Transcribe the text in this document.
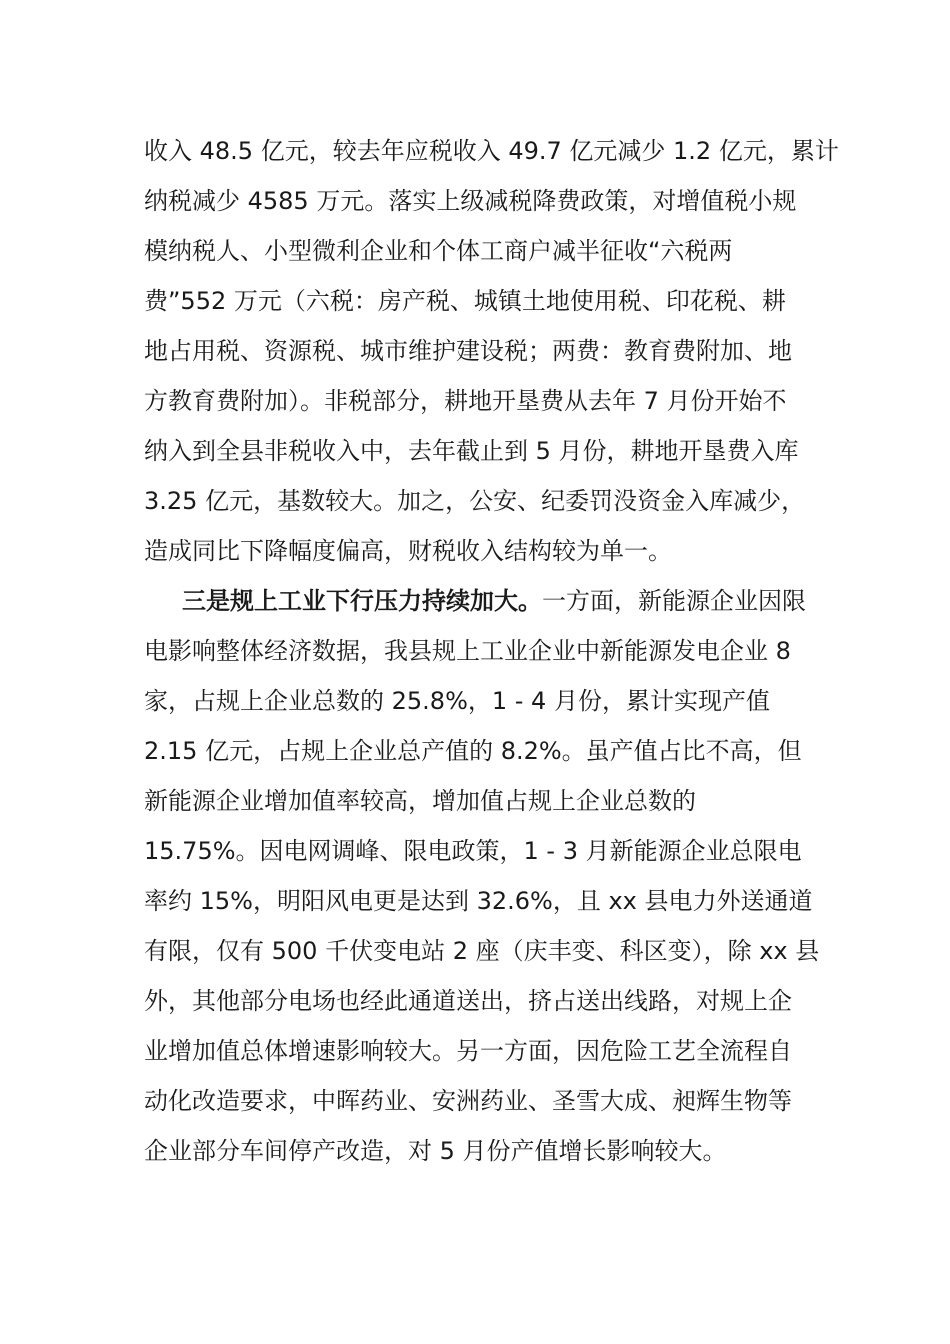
收入 48.5 亿元，较去年应税收入 49.7 亿元减少 1.2 亿元，累计
纳税减少 4585 万元。落实上级减税降费政策，对增值税小规
模纳税人、小型微利企业和个体工商户减半征收“六税两
费”552 万元（六税：房产税、城镇土地使用税、印花税、耕
地占用税、资源税、城市维护建设税；两费：教育费附加、地
方教育费附加）。非税部分，耕地开垦费从去年 7 月份开始不
纳入到全县非税收入中，去年截止到 5 月份，耕地开垦费入库
3.25 亿元，基数较大。加之，公安、纪委罚没资金入库减少，
造成同比下降幅度偏高，财税收入结构较为单一。
三是规上工业下行压力持续加大。一方面，新能源企业因限
电影响整体经济数据，我县规上工业企业中新能源发电企业 8
家，占规上企业总数的 25.8%，1 - 4 月份，累计实现产值
2.15 亿元，占规上企业总产值的 8.2%。虽产值占比不高，但
新能源企业增加值率较高，增加值占规上企业总数的
15.75%。因电网调峰、限电政策，1 - 3 月新能源企业总限电
率约 15%，明阳风电更是达到 32.6%，且 xx 县电力外送通道
有限，仅有 500 千伏变电站 2 座（庆丰变、科区变），除 xx 县
外，其他部分电场也经此通道送出，挤占送出线路，对规上企
业增加值总体增速影响较大。另一方面，因危险工艺全流程自
动化改造要求，中晖药业、安洲药业、圣雪大成、昶辉生物等
企业部分车间停产改造，对 5 月份产值增长影响较大。
